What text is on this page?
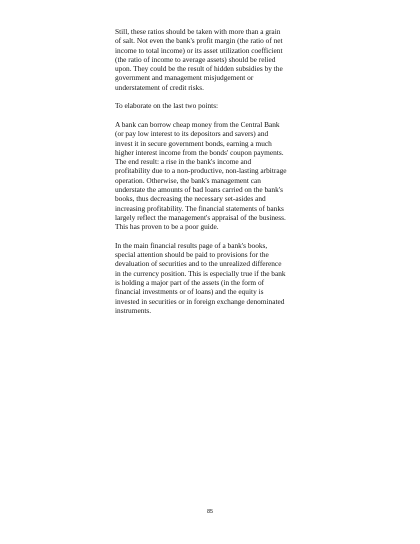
Still, these ratios should be taken with more than a grain
of salt. Not even the bank's profit margin (the ratio of net
income to total income) or its asset utilization coefficient
(the ratio of income to average assets) should be relied
upon. They could be the result of hidden subsidies by the
government and management misjudgement or
understatement of credit risks.

To elaborate on the last two points:

A bank can borrow cheap money from the Central Bank
(or pay low interest to its depositors and savers) and
invest it in secure government bonds, earning a much
higher interest income from the bonds' coupon payments.
The end result: a rise in the bank's income and
profitability due to a non-productive, non-lasting arbitrage
operation. Otherwise, the bank's management can
understate the amounts of bad loans carried on the bank's
books, thus decreasing the necessary set-asides and
increasing profitability. The financial statements of banks
largely reflect the management's appraisal of the business.
This has proven to be a poor guide.

In the main financial results page of a bank's books,
special attention should be paid to provisions for the
devaluation of securities and to the unrealized difference
in the currency position. This is especially true if the bank
is holding a major part of the assets (in the form of
financial investments or of loans) and the equity is
invested in securities or in foreign exchange denominated
instruments.

85
